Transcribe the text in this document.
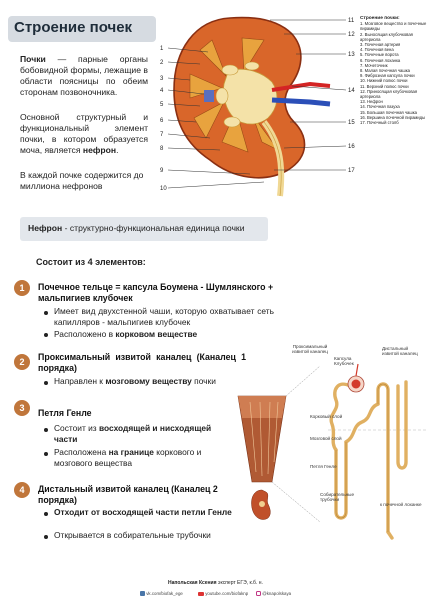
Строение почек
Почки — парные органы бобовидной формы, лежащие в области поясницы по обеим сторонам позвоночника.
Основной структурный и функциональный элемент почки, в котором образуется моча, является нефрон.
В каждой почке содержится до миллиона нефронов
1
2
3
4
5
6
7
8
9
10
11
12
13
14
15
16
17
Строение почки:
1. Мозговое вещество и почечные пирамиды
2. Выносящая клубочковая артериола
3. Почечная артерия
4. Почечная вена
5. Почечные ворота
6. Почечная лоханка
7. Мочеточник
8. Малая почечная чашка
9. Фиброзная капсула почки
10. Нижний полюс почки
11. Верхний полюс почки
12. Приносящая клубочковая артериола
13. Нефрон
14. Почечная пазуха
15. Большая почечная чашка
16. Вершина почечной пирамиды
17. Почечный столб
Нефрон - структурно-функциональная единица почки
Состоит из 4 элементов:
1	Почечное тельце = капсула Боумена - Шумлянского + мальпигиев клубочек
Имеет вид двухстенной чаши, которую охватывает сеть капилляров - мальпигиев клубочек
Расположено в корковом веществе
2	Проксимальный извитой каналец (Каналец 1 порядка)
Направлен к мозговому веществу почки
3	Петля Генле
Состоит из восходящей и нисходящей части
Расположена на границе коркового и мозгового вещества
4	Дистальный извитой каналец (Каналец 2 порядка)
Отходит от восходящей части петли Генле
Открывается в собирательные трубочки
Проксимальный извитой каналец
Капсула Клубочек
Дистальный извитой каналец
Корковый слой
Мозговой слой
Петля Генле
Собирательные трубочки
к почечной лоханке
Напольская Ксения эксперт ЕГЭ, к.б. н.
vk.com/biofak_ege	youtube.com/biofaknp	@knapolskaya
